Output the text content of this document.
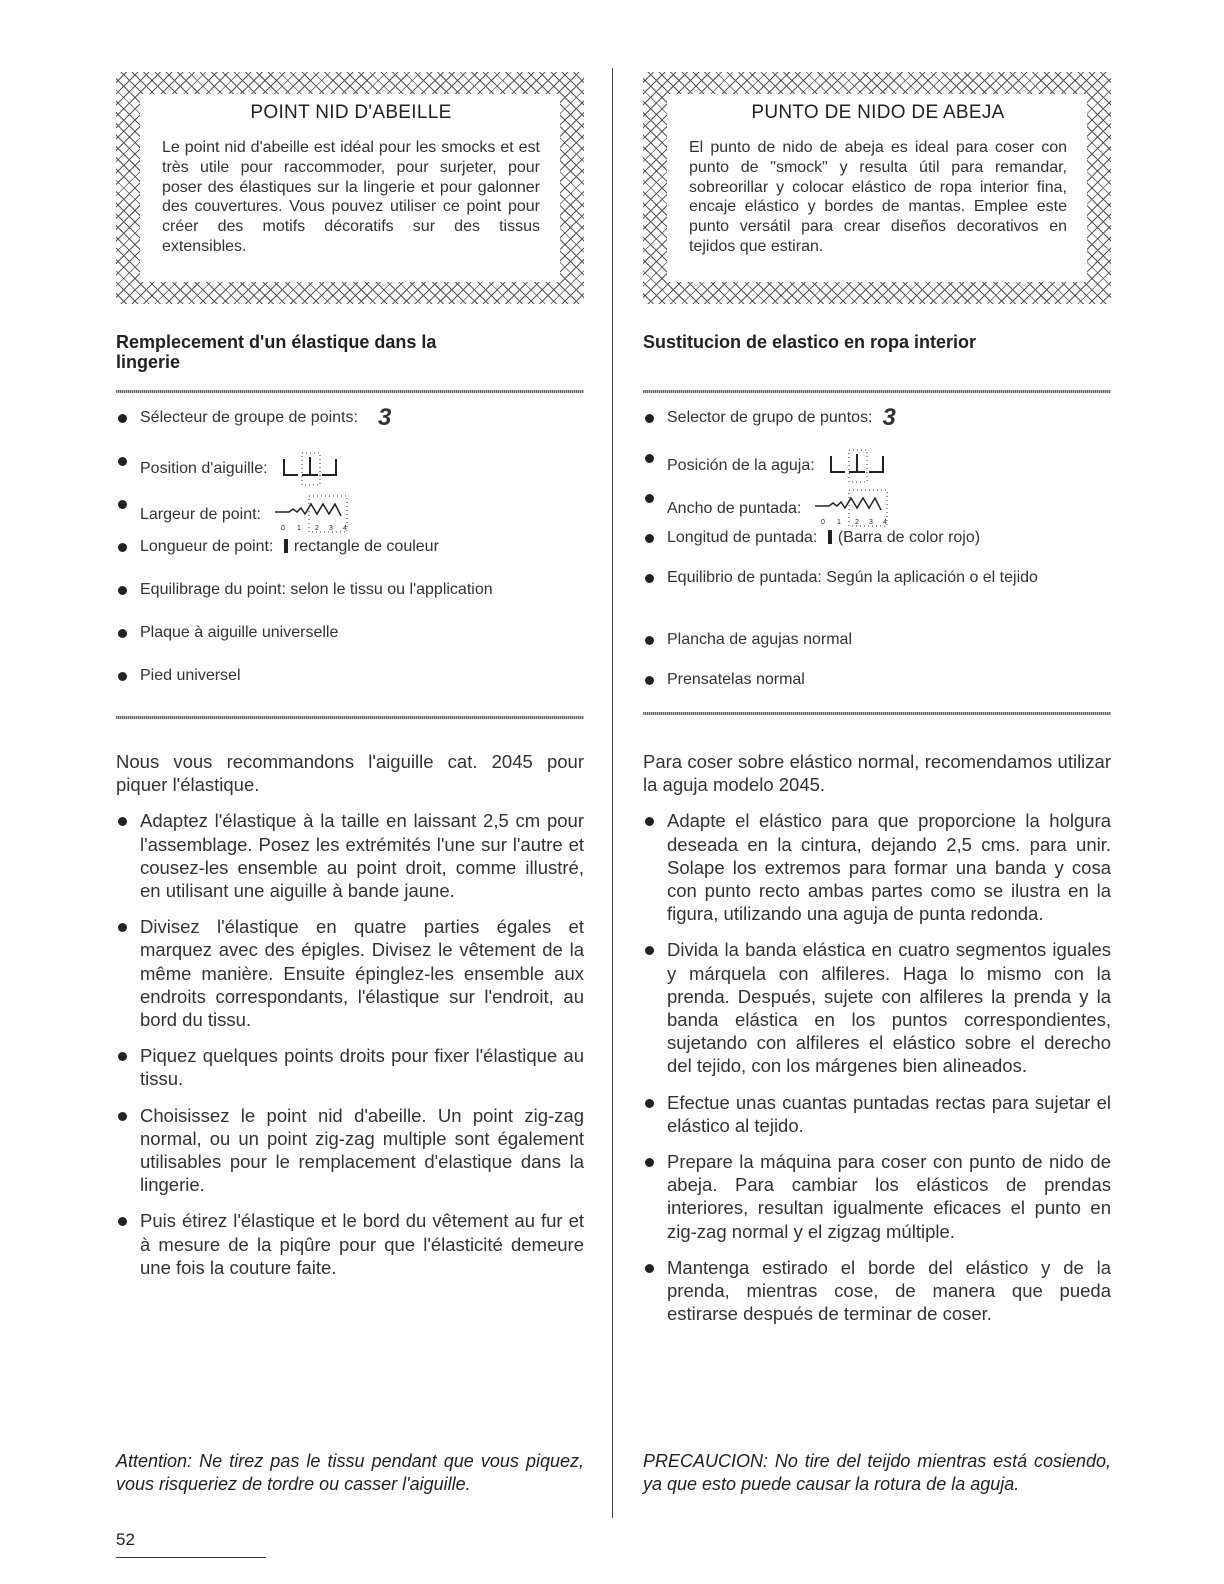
POINT NID D'ABEILLE

Le point nid d'abeille est idéal pour les smocks et est très utile pour raccommoder, pour surjeter, pour poser des élastiques sur la lingerie et pour galonner des couvertures. Vous pouvez utiliser ce point pour créer des motifs décoratifs sur des tissus extensibles.

Remplecement d'un élastique dans la lingerie
Sélecteur de groupe de points: 3
Position d'aiguille:
Largeur de point:
0 1 2 3 4
Longueur de point: rectangle de couleur
Equilibrage du point: selon le tissu ou l'application
Plaque à aiguille universelle
Pied universel

Nous vous recommandons l'aiguille cat. 2045 pour piquer l'élastique.

Adaptez l'élastique à la taille en laissant 2,5 cm pour l'assemblage. Posez les extrémités l'une sur l'autre et cousez-les ensemble au point droit, comme illustré, en utilisant une aiguille à bande jaune.

Divisez l'élastique en quatre parties égales et marquez avec des épigles. Divisez le vêtement de la même manière. Ensuite épinglez-les ensemble aux endroits correspondants, l'élastique sur l'endroit, au bord du tissu.

Piquez quelques points droits pour fixer l'élastique au tissu.

Choisissez le point nid d'abeille. Un point zig-zag normal, ou un point zig-zag multiple sont également utilisables pour le remplacement d'elastique dans la lingerie.

Puis étirez l'élastique et le bord du vêtement au fur et à mesure de la piqûre pour que l'élasticité demeure une fois la couture faite.

Attention: Ne tirez pas le tissu pendant que vous piquez, vous risqueriez de tordre ou casser l'aiguille.
PUNTO DE NIDO DE ABEJA

El punto de nido de abeja es ideal para coser con punto de "smock" y resulta útil para remandar, sobreorillar y colocar elástico de ropa interior fina, encaje elástico y bordes de mantas. Emplee este punto versátil para crear diseños decorativos en tejidos que estiran.

Sustitucion de elastico en ropa interior
Selector de grupo de puntos: 3
Posición de la aguja:
Ancho de puntada:
0 1 2 3 4
Longitud de puntada: (Barra de color rojo)
Equilibrio de puntada: Según la aplicación o el tejido
Plancha de agujas normal
Prensatelas normal

Para coser sobre elástico normal, recomendamos utilizar la aguja modelo 2045.

Adapte el elástico para que proporcione la holgura deseada en la cintura, dejando 2,5 cms. para unir. Solape los extremos para formar una banda y cosa con punto recto ambas partes como se ilustra en la figura, utilizando una aguja de punta redonda.

Divida la banda elástica en cuatro segmentos iguales y márquela con alfileres. Haga lo mismo con la prenda. Después, sujete con alfileres la prenda y la banda elástica en los puntos correspondientes, sujetando con alfileres el elástico sobre el derecho del tejido, con los márgenes bien alineados.

Efectue unas cuantas puntadas rectas para sujetar el elástico al tejido.

Prepare la máquina para coser con punto de nido de abeja. Para cambiar los elásticos de prendas interiores, resultan igualmente eficaces el punto en zig-zag normal y el zigzag múltiple.

Mantenga estirado el borde del elástico y de la prenda, mientras cose, de manera que pueda estirarse después de terminar de coser.

PRECAUCION: No tire del teijdo mientras está cosiendo, ya que esto puede causar la rotura de la aguja.
52
